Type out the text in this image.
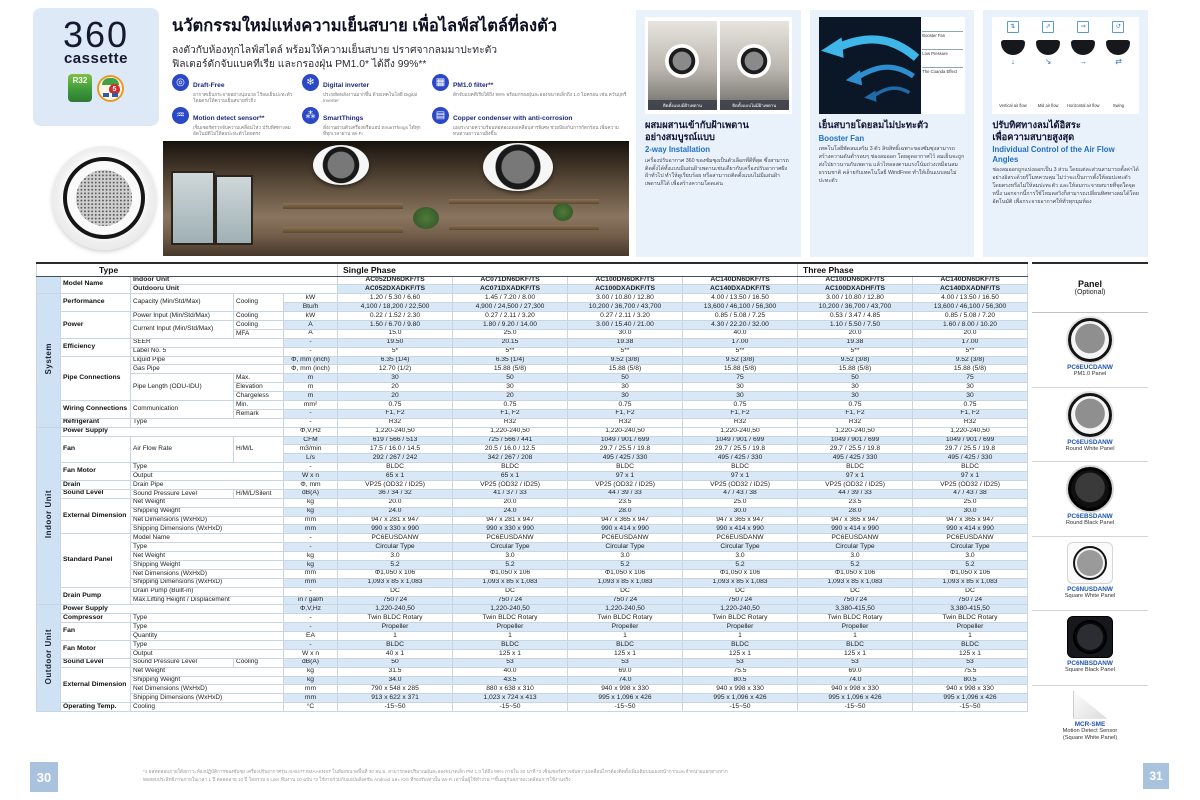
360
cassette
R32
5
นวัตกรรมใหม่แห่งความเย็นสบาย เพื่อไลฟ์สไตล์ที่ลงตัว
ลงตัวกับห้องทุกไลฟ์สไตล์ พร้อมให้ความเย็นสบาย ปราศจากลมมาปะทะตัว
ฟิลเตอร์ดักจับแบคทีเรีย และกรองฝุ่น PM1.0* ได้ถึง 99%**
◎	Draft-Free
อากาศเย็นกระจายอย่างนุ่มนวล ไร้ลมเย็นปะทะตัวโดยตรงให้ความเย็นสบายทั่วถึง
❄	Digital inverter
ประหยัดพลังงานมากขึ้น ด้วยเทคโนโลยี Digital Inverter
▦	PM1.0 filter**
ดักจับแบคทีเรียได้ถึง 99% พร้อมกรองฝุ่นละอองขนาดเล็กถึง 1.0 ไมครอน เช่น ควันบุหรี่
♒	Motion detect sensor**
เซ็นเซอร์ตรวจจับความเคลื่อนไหว ปรับทิศทางลมอัตโนมัติไม่ให้ลมปะทะตัวโดยตรง
⁂	SmartThings
สั่งงานผ่านตัวเครื่องหรือแอป SmartThings ได้ทุกที่ทุกเวลาผ่าน Wi-Fi
▤	Copper condenser with anti-corrosion
แผงระบายความร้อนท่อทองแดงเคลือบสารพิเศษ ช่วยป้องกันการกัดกร่อน เพิ่มความทนทานยาวนานยิ่งขึ้น
ติดตั้งแบบมีฝ้าเพดาน	ติดตั้งแบบไม่มีฝ้าเพดาน
ผสมผสานเข้ากับฝ้าเพดาน
อย่างสมบูรณ์แบบ
2-way Installation
เครื่องปรับอากาศ 360 ของซัมซุงเป็นตัวเลือกที่ดีที่สุด ซึ่งสามารถติดตั้งได้ทั้งแบบมีแผ่นฝ้าเพดานเช่นเดียวกับเครื่องปรับอากาศฝังฝ้าทั่วไป ทำให้ดูเรียบร้อย หรือสามารถติดตั้งแบบไม่มีแผ่นฝ้าเพดานก็ได้ เพื่อสร้างความโดดเด่น
Booster Fan
Low Pressure
The Coanda Effect
เย็นสบายโดยลมไม่ปะทะตัว
Booster Fan
เทคโนโลยีพัดลมเสริม 3 ตัว ลิขสิทธิ์เฉพาะของซัมซุงสามารถสร้างความดันต่ำรอบๆ ช่องลมออก โดยดูดอากาศไว้ ลมเย็นจะถูกส่งไปยาวนานกับเพดาน แล้วไหลลงตามแรงโน้มถ่วงเหมือนลมธรรมชาติ คล้ายกับเทคโนโลยี WindFree ทำให้เย็นแบบลมไม่ปะทะตัว
⇅
↓
Vertical air flow
⇗
↘
Mid air flow
⇒
→
Horizontal air flow
↺
⇄
Swing
ปรับทิศทางลมได้อิสระ
เพื่อความสบายสูงสุด
Individual Control of the Air Flow Angles
ช่องลมออกถูกแบ่งออกเป็น 3 ส่วน โดยแต่ละส่วนสามารถตั้งค่าได้อย่างอิสระด้วยรีโมทควบคุม ไม่ว่าจะเป็นการตั้งให้ลมปะทะตัวโดยตรงหรือไม่ให้ลมปะทะตัว และให้ลมกระจายสบายที่จุดใดจุดหนึ่ง นอกจากนี้การใช้โหมดสวิงก็สามารถเปลี่ยนทิศทางลมได้โดยอัตโนมัติ เพื่อกระจายอากาศให้ทั่วทุกมุมห้อง
Type					Single Phase				Three Phase	
	Model Name	Indoor Unit			AC052DN6DKF/TS	AC071DN6DKF/TS	AC100DN6DKF/TS	AC140DN6DKF/TS	AC100DN6DKF/TS	AC140DN6DKF/TS
		Outdooru Unit			AC052DXADKF/TS	AC071DXADKF/TS	AC100DXADKF/TS	AC140DXADKF/TS	AC100DXADHF/TS	AC140DXADNF/TS
System	Performance	Capacity (Min/Std/Max)	Cooling	kW	1.20 / 5.30 / 6.60	1.45 / 7.20 / 8.00	3.00 / 10.80 / 12.80	4.00 / 13.50 / 16.50	3.00 / 10.80 / 12.80	4.00 / 13.50 / 16.50
				Btu/h	4,100 / 18,200 / 22,500	4,900 / 24,500 / 27,300	10,200 / 36,700 / 43,700	13,600 / 46,100 / 56,300	10,200 / 36,700 / 43,700	13,600 / 46,100 / 56,300
	Power	Power Input (Min/Std/Max)	Cooling	kW	0.22 / 1.52 / 2.30	0.27 / 2.11 / 3.20	0.27 / 2.11 / 3.20	0.85 / 5.08 / 7.25	0.53 / 3.47 / 4.85	0.85 / 5.08 / 7.20
		Current Input (Min/Std/Max)	Cooling	A	1.50 / 6.70 / 9.80	1.80 / 9.20 / 14.00	3.00 / 15.40 / 21.00	4.30 / 22.20 / 32.00	1.10 / 5.50 / 7.50	1.60 / 8.00 / 10.20
			MFA	A	15.0	25.0	30.0	40.0	20.0	20.0
	Efficiency	SEER		-	19.50	20.15	19.38	17.00	19.38	17.00
		Label No. 5		-	5*	5**	5**	5**	5**	5**
	Pipe Connections	Liquid Pipe		Φ, mm (inch)	6.35 (1/4)	6.35 (1/4)	9.52 (3/8)	9.52 (3/8)	9.52 (3/8)	9.52 (3/8)
		Gas Pipe		Φ, mm (inch)	12.70 (1/2)	15.88 (5/8)	15.88 (5/8)	15.88 (5/8)	15.88 (5/8)	15.88 (5/8)
		Pipe Length (ODU-IDU)	Max.	m	30	50	50	75	50	75
			Elevation	m	20	30	30	30	30	30
			Chargeless	m	20	20	30	30	30	30
	Wiring Connections	Communication	Min.	mm²	0.75	0.75	0.75	0.75	0.75	0.75
			Remark	-	F1, F2	F1, F2	F1, F2	F1, F2	F1, F2	F1, F2
	Refrigerant	Type		-	R32	R32	R32	R32	R32	R32
Indoor Unit	Power Supply			Φ,V,Hz	1,220-240,50	1,220-240,50	1,220-240,50	1,220-240,50	1,220-240,50	1,220-240,50
	Fan	Air Flow Rate	H/M/L	CFM	619 / 566 / 513	725 / 566 / 441	1049 / 901 / 699	1049 / 901 / 699	1049 / 901 / 699	1049 / 901 / 699
				m3/min	17.5 / 16.0 / 14.5	20.5 / 16.0 / 12.5	29.7 / 25.5 / 19.8	29.7 / 25.5 / 19.8	29.7 / 25.5 / 19.8	29.7 / 25.5 / 19.8
				L/s	292 / 267 / 242	342 / 267 / 208	495 / 425 / 330	495 / 425 / 330	495 / 425 / 330	495 / 425 / 330
	Fan Motor	Type		-	BLDC	BLDC	BLDC	BLDC	BLDC	BLDC
		Output		W x n	65 x 1	65 x 1	97 x 1	97 x 1	97 x 1	97 x 1
	Drain	Drain Pipe		Φ, mm	VP25 (OD32 / ID25)	VP25 (OD32 / ID25)	VP25 (OD32 / ID25)	VP25 (OD32 / ID25)	VP25 (OD32 / ID25)	VP25 (OD32 / ID25)
	Sound Level	Sound Pressure Level	H/M/L/Silent	dB(A)	36 / 34 / 32	41 / 37 / 33	44 / 39 / 33	47 / 43 / 38	44 / 39 / 33	47 / 43 / 38
	External Dimension	Net Weight		kg	20.0	20.0	23.5	25.0	23.5	25.0
		Shipping Weight		kg	24.0	24.0	28.0	30.0	28.0	30.0
		Net Dimensions (WxHxD)		mm	947 x 281 x 947	947 x 281 x 947	947 x 365 x 947	947 x 365 x 947	947 x 365 x 947	947 x 365 x 947
		Shipping Dimensions (WxHxD)		mm	990 x 330 x 990	990 x 330 x 990	990 x 414 x 990	990 x 414 x 990	990 x 414 x 990	990 x 414 x 990
	Standard Panel	Model Name		-	PC6EUSDANW	PC6EUSDANW	PC6EUSDANW	PC6EUSDANW	PC6EUSDANW	PC6EUSDANW
		Type		-	Circular Type	Circular Type	Circular Type	Circular Type	Circular Type	Circular Type
		Net Weight		kg	3.0	3.0	3.0	3.0	3.0	3.0
		Shipping Weight		kg	5.2	5.2	5.2	5.2	5.2	5.2
		Net Dimensions (WxHxD)		mm	Φ1,050 x 106	Φ1,050 x 106	Φ1,050 x 106	Φ1,050 x 106	Φ1,050 x 106	Φ1,050 x 106
		Shipping Dimensions (WxHxD)		mm	1,093 x 85 x 1,083	1,093 x 85 x 1,083	1,093 x 85 x 1,083	1,093 x 85 x 1,083	1,093 x 85 x 1,083	1,093 x 85 x 1,083
	Drain Pump	Drain Pump (Built-in)		-	DC	DC	DC	DC	DC	DC
		Max.Lifting Height / Displacement		in / gal/h	750 / 24	750 / 24	750 / 24	750 / 24	750 / 24	750 / 24
Outdoor Unit	Power Supply			Φ,V,Hz	1,220-240,50	1,220-240,50	1,220-240,50	1,220-240,50	3,380-415,50	3,380-415,50
	Compressor	Type		-	Twin BLDC Rotary	Twin BLDC Rotary	Twin BLDC Rotary	Twin BLDC Rotary	Twin BLDC Rotary	Twin BLDC Rotary
	Fan	Type		-	Propeller	Propeller	Propeller	Propeller	Propeller	Propeller
		Quantity		EA	1	1	1	1	1	1
	Fan Motor	Type		-	BLDC	BLDC	BLDC	BLDC	BLDC	BLDC
		Output		W x n	40 x 1	125 x 1	125 x 1	125 x 1	125 x 1	125 x 1
	Sound Level	Sound Pressure Level	Cooling	dB(A)	50	53	53	53	53	53
	External Dimension	Net Weight		kg	31.5	40.0	69.0	75.5	69.0	75.5
		Shipping Weight		kg	34.0	43.5	74.0	80.5	74.0	80.5
		Net Dimensions (WxHxD)		mm	790 x 548 x 285	880 x 638 x 310	940 x 998 x 330	940 x 998 x 330	940 x 998 x 330	940 x 998 x 330
		Shipping Dimensions (WxHxD)		mm	913 x 622 x 371	1,023 x 724 x 413	995 x 1,096 x 426	995 x 1,096 x 426	995 x 1,096 x 426	995 x 1,096 x 426
	Operating Temp.	Cooling		°C	-15~50	-15~50	-15~50	-15~50	-15~50	-15~50
Panel
(Optional)
PC6EUCDANW
PM1.0 Panel
PC6EUSDANW
Round White Panel
PC6EBSDANW
Round Black Panel
PC6NUSDANW
Square White Panel
PC6NBSDANW
Square Black Panel
MCR-SME
Motion Detect Sensor
(Square White Panel)
30	31
*1 ผลทดสอบภายใต้สภาวะห้องปฏิบัติการของซัมซุง เครื่องปรับอากาศรุ่น AH047TXMAAKNST ในห้องขนาดพื้นที่ 30 ลบ.ม. สามารถลดปริมาณฝุ่นละอองขนาดเล็ก PM 1.0 ได้ถึง 99% ภายใน 30 นาที *2 เซ็นเซอร์ตรวจจับความเคลื่อนไหวต้องติดตั้งเพิ่มเติมบนแผงหน้ากากและจำหน่ายแยกต่างหาก
ทดสอบประสิทธิภาพภายในเวลา 1 ปี ตลอดอายุ 10 ปี โดยรวม 5 Liter ทีมงาน 10 ฉบับ *3 ใช้งานร่วมกับแอปพลิเคชัน Android และ iOS ที่รองรับเท่านั้น Wi-Fi เท่านั้นผู้ใช้ทำงาน **ขึ้นอยู่กับสภาพแวดล้อมการใช้งานจริง
